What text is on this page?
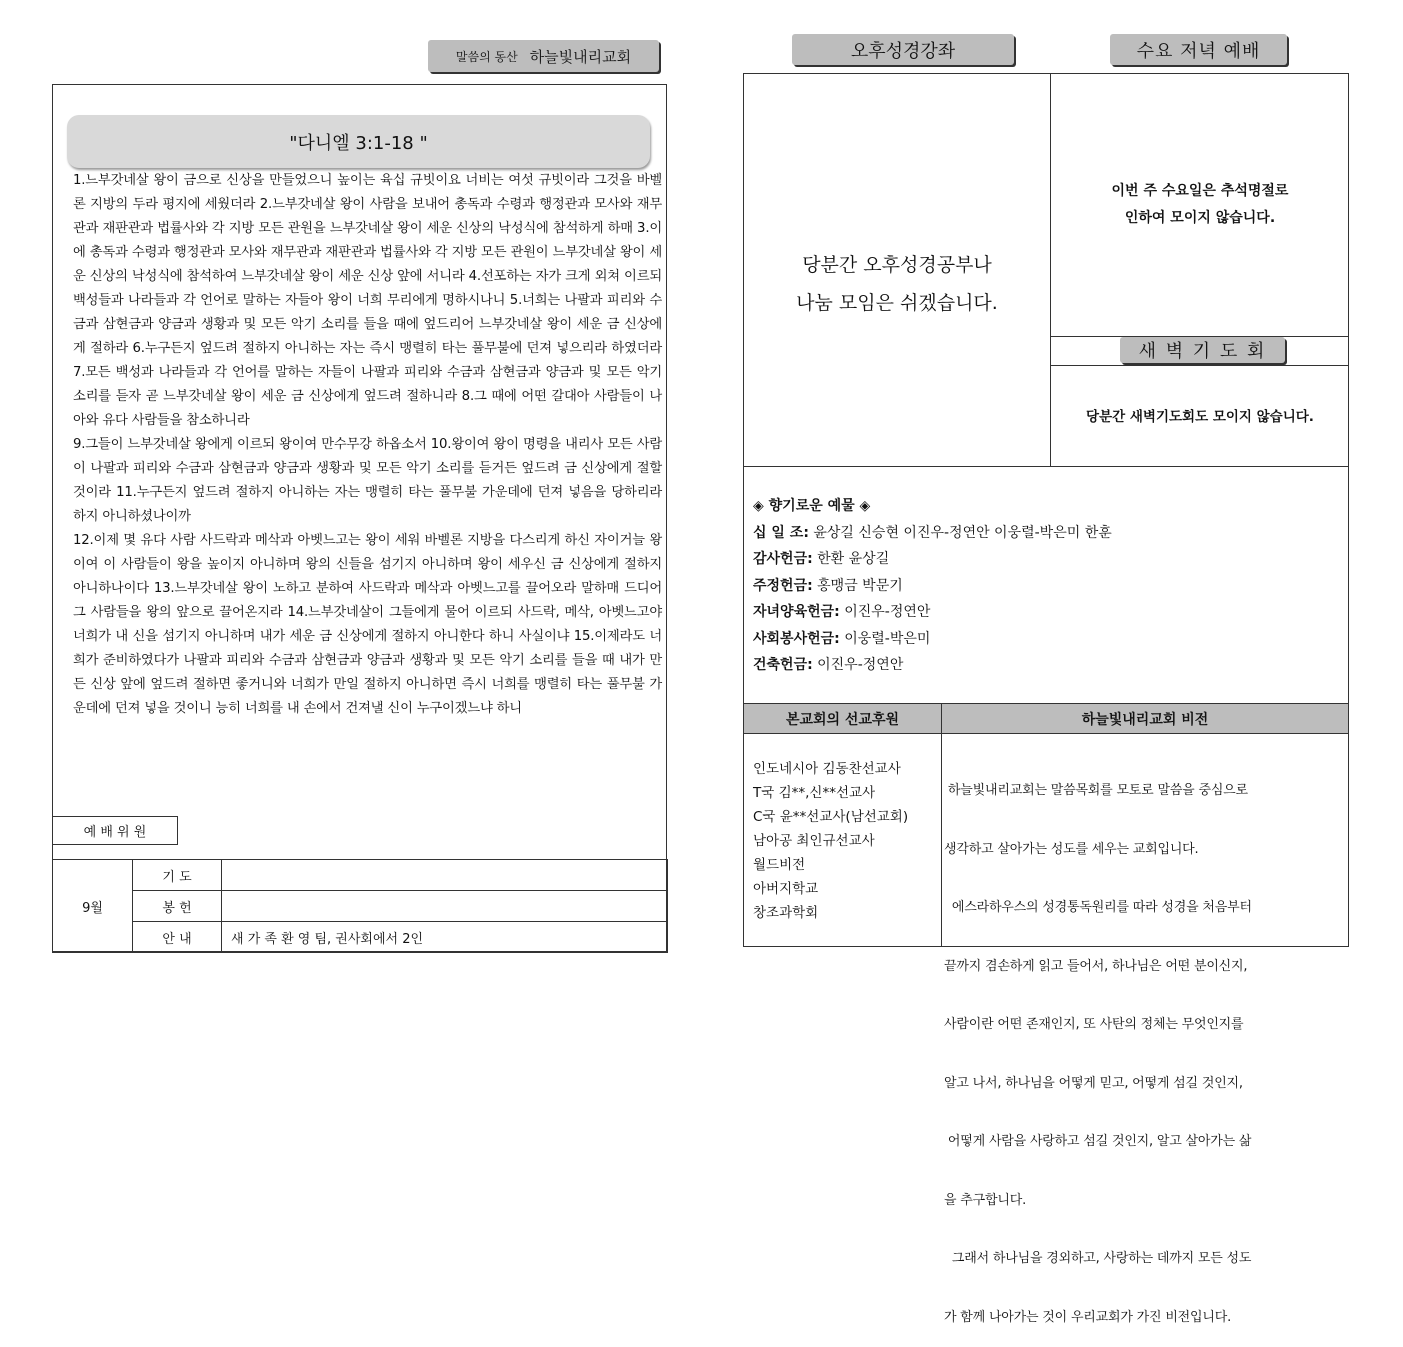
말씀의 동산 하늘빛내리교회
"다니엘 3:1-18 "

1.느부갓네살 왕이 금으로 신상을 만들었으니 높이는 육십 규빗이요 너비는 여섯 규빗이라 그것을 바벨론 지방의 두라 평지에 세웠더라 2.느부갓네살 왕이 사람을 보내어 총독과 수령과 행정관과 모사와 재무관과 재판관과 법률사와 각 지방 모든 관원을 느부갓네살 왕이 세운 신상의 낙성식에 참석하게 하매 3.이에 총독과 수령과 행정관과 모사와 재무관과 재판관과 법률사와 각 지방 모든 관원이 느부갓네살 왕이 세운 신상의 낙성식에 참석하여 느부갓네살 왕이 세운 신상 앞에 서니라 4.선포하는 자가 크게 외쳐 이르되 백성들과 나라들과 각 언어로 말하는 자들아 왕이 너희 무리에게 명하시나니 5.너희는 나팔과 피리와 수금과 삼현금과 양금과 생황과 및 모든 악기 소리를 들을 때에 엎드리어 느부갓네살 왕이 세운 금 신상에게 절하라 6.누구든지 엎드려 절하지 아니하는 자는 즉시 맹렬히 타는 풀무불에 던져 넣으리라 하였더라 7.모든 백성과 나라들과 각 언어를 말하는 자들이 나팔과 피리와 수금과 삼현금과 양금과 및 모든 악기 소리를 듣자 곧 느부갓네살 왕이 세운 금 신상에게 엎드려 절하니라 8.그 때에 어떤 갈대아 사람들이 나아와 유다 사람들을 참소하니라

9.그들이 느부갓네살 왕에게 이르되 왕이여 만수무강 하옵소서 10.왕이여 왕이 명령을 내리사 모든 사람이 나팔과 피리와 수금과 삼현금과 양금과 생황과 및 모든 악기 소리를 듣거든 엎드려 금 신상에게 절할 것이라 11.누구든지 엎드려 절하지 아니하는 자는 맹렬히 타는 풀무불 가운데에 던져 넣음을 당하리라 하지 아니하셨나이까

12.이제 몇 유다 사람 사드락과 메삭과 아벳느고는 왕이 세워 바벨론 지방을 다스리게 하신 자이거늘 왕이여 이 사람들이 왕을 높이지 아니하며 왕의 신들을 섬기지 아니하며 왕이 세우신 금 신상에게 절하지 아니하나이다 13.느부갓네살 왕이 노하고 분하여 사드락과 메삭과 아벳느고를 끌어오라 말하매 드디어 그 사람들을 왕의 앞으로 끌어온지라 14.느부갓네살이 그들에게 물어 이르되 사드락, 메삭, 아벳느고야 너희가 내 신을 섬기지 아니하며 내가 세운 금 신상에게 절하지 아니한다 하니 사실이냐 15.이제라도 너희가 준비하였다가 나팔과 피리와 수금과 삼현금과 양금과 생황과 및 모든 악기 소리를 들을 때 내가 만든 신상 앞에 엎드려 절하면 좋거니와 너희가 만일 절하지 아니하면 즉시 너희를 맹렬히 타는 풀무불 가운데에 던져 넣을 것이니 능히 너희를 내 손에서 건져낼 신이 누구이겠느냐 하니

예 배 위 원
9월	기 도	
	봉 헌	
	안 내	새 가 족 환 영 팀, 권사회에서 2인
오후성경강좌	수요 저녁 예배
당분간 오후성경공부나
나눔 모임은 쉬겠습니다.
이번 주 수요일은 추석명절로
인하여 모이지 않습니다.
새 벽 기 도 회
당분간 새벽기도회도 모이지 않습니다.
◈ 향기로운 예물 ◈
십 일 조: 윤상길 신승현 이진우-정연안 이웅렬-박은미 한훈
감사헌금: 한환 윤상길
주정헌금: 홍맹금 박문기
자녀양육헌금: 이진우-정연안
사회봉사헌금: 이웅렬-박은미
건축헌금: 이진우-정연안
본교회의 선교후원	하늘빛내리교회 비전
인도네시아 김동찬선교사
T국 김**,신**선교사
C국 윤**선교사(남선교회)
남아공 최인규선교사
월드비전
아버지학교
창조과학회

하늘빛내리교회는 말씀목회를 모토로 말씀을 중심으로

생각하고 살아가는 성도를 세우는 교회입니다.

에스라하우스의 성경통독원리를 따라 성경을 처음부터

끝까지 겸손하게 읽고 들어서, 하나님은 어떤 분이신지,

사람이란 어떤 존재인지, 또 사탄의 정체는 무엇인지를

알고 나서, 하나님을 어떻게 믿고, 어떻게 섬길 것인지,

어떻게 사람을 사랑하고 섬길 것인지, 알고 살아가는 삶

을 추구합니다.

그래서 하나님을 경외하고, 사랑하는 데까지 모든 성도

가 함께 나아가는 것이 우리교회가 가진 비전입니다.
